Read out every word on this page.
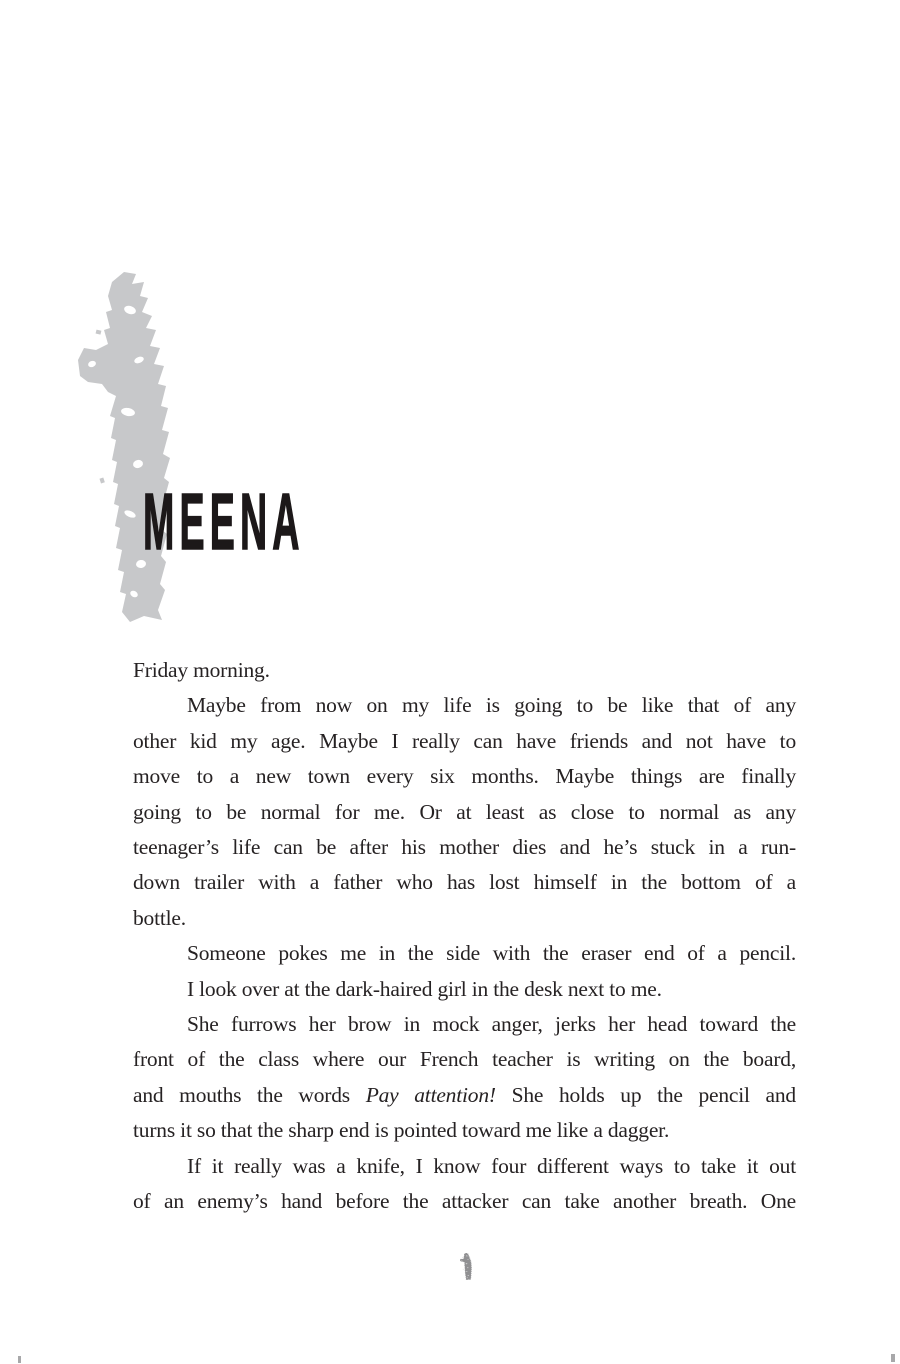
MEENA
Friday morning.
Maybe from now on my life is going to be like that of any
other kid my age. Maybe I really can have friends and not have to
move to a new town every six months. Maybe things are finally
going to be normal for me. Or at least as close to normal as any
teenager’s life can be after his mother dies and he’s stuck in a run-
down trailer with a father who has lost himself in the bottom of a
bottle.
Someone pokes me in the side with the eraser end of a pencil.
I look over at the dark-haired girl in the desk next to me.
She furrows her brow in mock anger, jerks her head toward the
front of the class where our French teacher is writing on the board,
and mouths the words Pay attention! She holds up the pencil and
turns it so that the sharp end is pointed toward me like a dagger.
If it really was a knife, I know four different ways to take it out
of an enemy’s hand before the attacker can take another breath. One
